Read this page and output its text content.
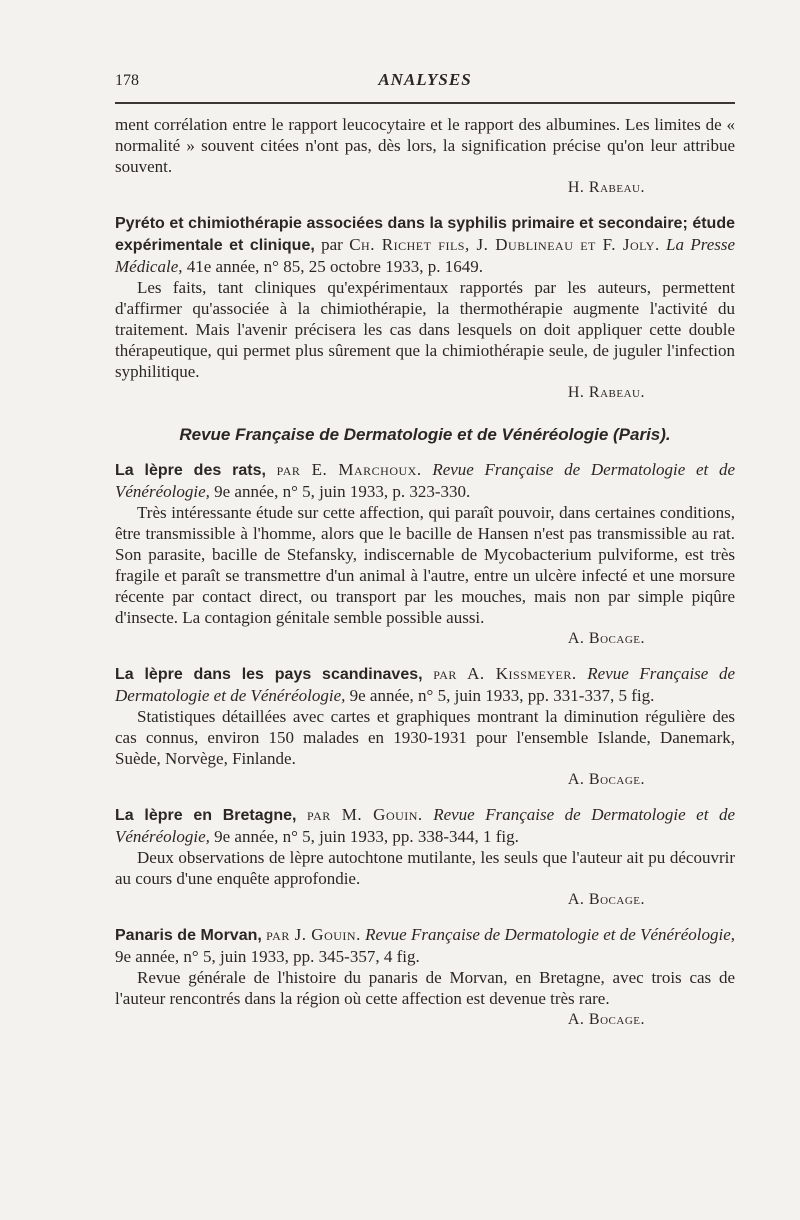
178	ANALYSES

ment corrélation entre le rapport leucocytaire et le rapport des albumines. Les limites de « normalité » souvent citées n'ont pas, dès lors, la signification précise qu'on leur attribue souvent.

H. Rabeau.

Pyréto et chimiothérapie associées dans la syphilis primaire et secondaire; étude expérimentale et clinique, par Ch. Richet fils, J. Dublineau et F. Joly. La Presse Médicale, 41e année, n° 85, 25 octobre 1933, p. 1649.

Les faits, tant cliniques qu'expérimentaux rapportés par les auteurs, permettent d'affirmer qu'associée à la chimiothérapie, la thermothérapie augmente l'activité du traitement. Mais l'avenir précisera les cas dans lesquels on doit appliquer cette double thérapeutique, qui permet plus sûrement que la chimiothérapie seule, de juguler l'infection syphilitique.

H. Rabeau.
Revue Française de Dermatologie et de Vénéréologie (Paris).

La lèpre des rats, par E. Marchoux. Revue Française de Dermatologie et de Vénéréologie, 9e année, n° 5, juin 1933, p. 323-330.

Très intéressante étude sur cette affection, qui paraît pouvoir, dans certaines conditions, être transmissible à l'homme, alors que le bacille de Hansen n'est pas transmissible au rat. Son parasite, bacille de Stefansky, indiscernable de Mycobacterium pulviforme, est très fragile et paraît se transmettre d'un animal à l'autre, entre un ulcère infecté et une morsure récente par contact direct, ou transport par les mouches, mais non par simple piqûre d'insecte. La contagion génitale semble possible aussi.

A. Bocage.

La lèpre dans les pays scandinaves, par A. Kissmeyer. Revue Française de Dermatologie et de Vénéréologie, 9e année, n° 5, juin 1933, pp. 331-337, 5 fig.

Statistiques détaillées avec cartes et graphiques montrant la diminution régulière des cas connus, environ 150 malades en 1930-1931 pour l'ensemble Islande, Danemark, Suède, Norvège, Finlande.

A. Bocage.

La lèpre en Bretagne, par M. Gouin. Revue Française de Dermatologie et de Vénéréologie, 9e année, n° 5, juin 1933, pp. 338-344, 1 fig.

Deux observations de lèpre autochtone mutilante, les seuls que l'auteur ait pu découvrir au cours d'une enquête approfondie.

A. Bocage.

Panaris de Morvan, par J. Gouin. Revue Française de Dermatologie et de Vénéréologie, 9e année, n° 5, juin 1933, pp. 345-357, 4 fig.

Revue générale de l'histoire du panaris de Morvan, en Bretagne, avec trois cas de l'auteur rencontrés dans la région où cette affection est devenue très rare.

A. Bocage.
